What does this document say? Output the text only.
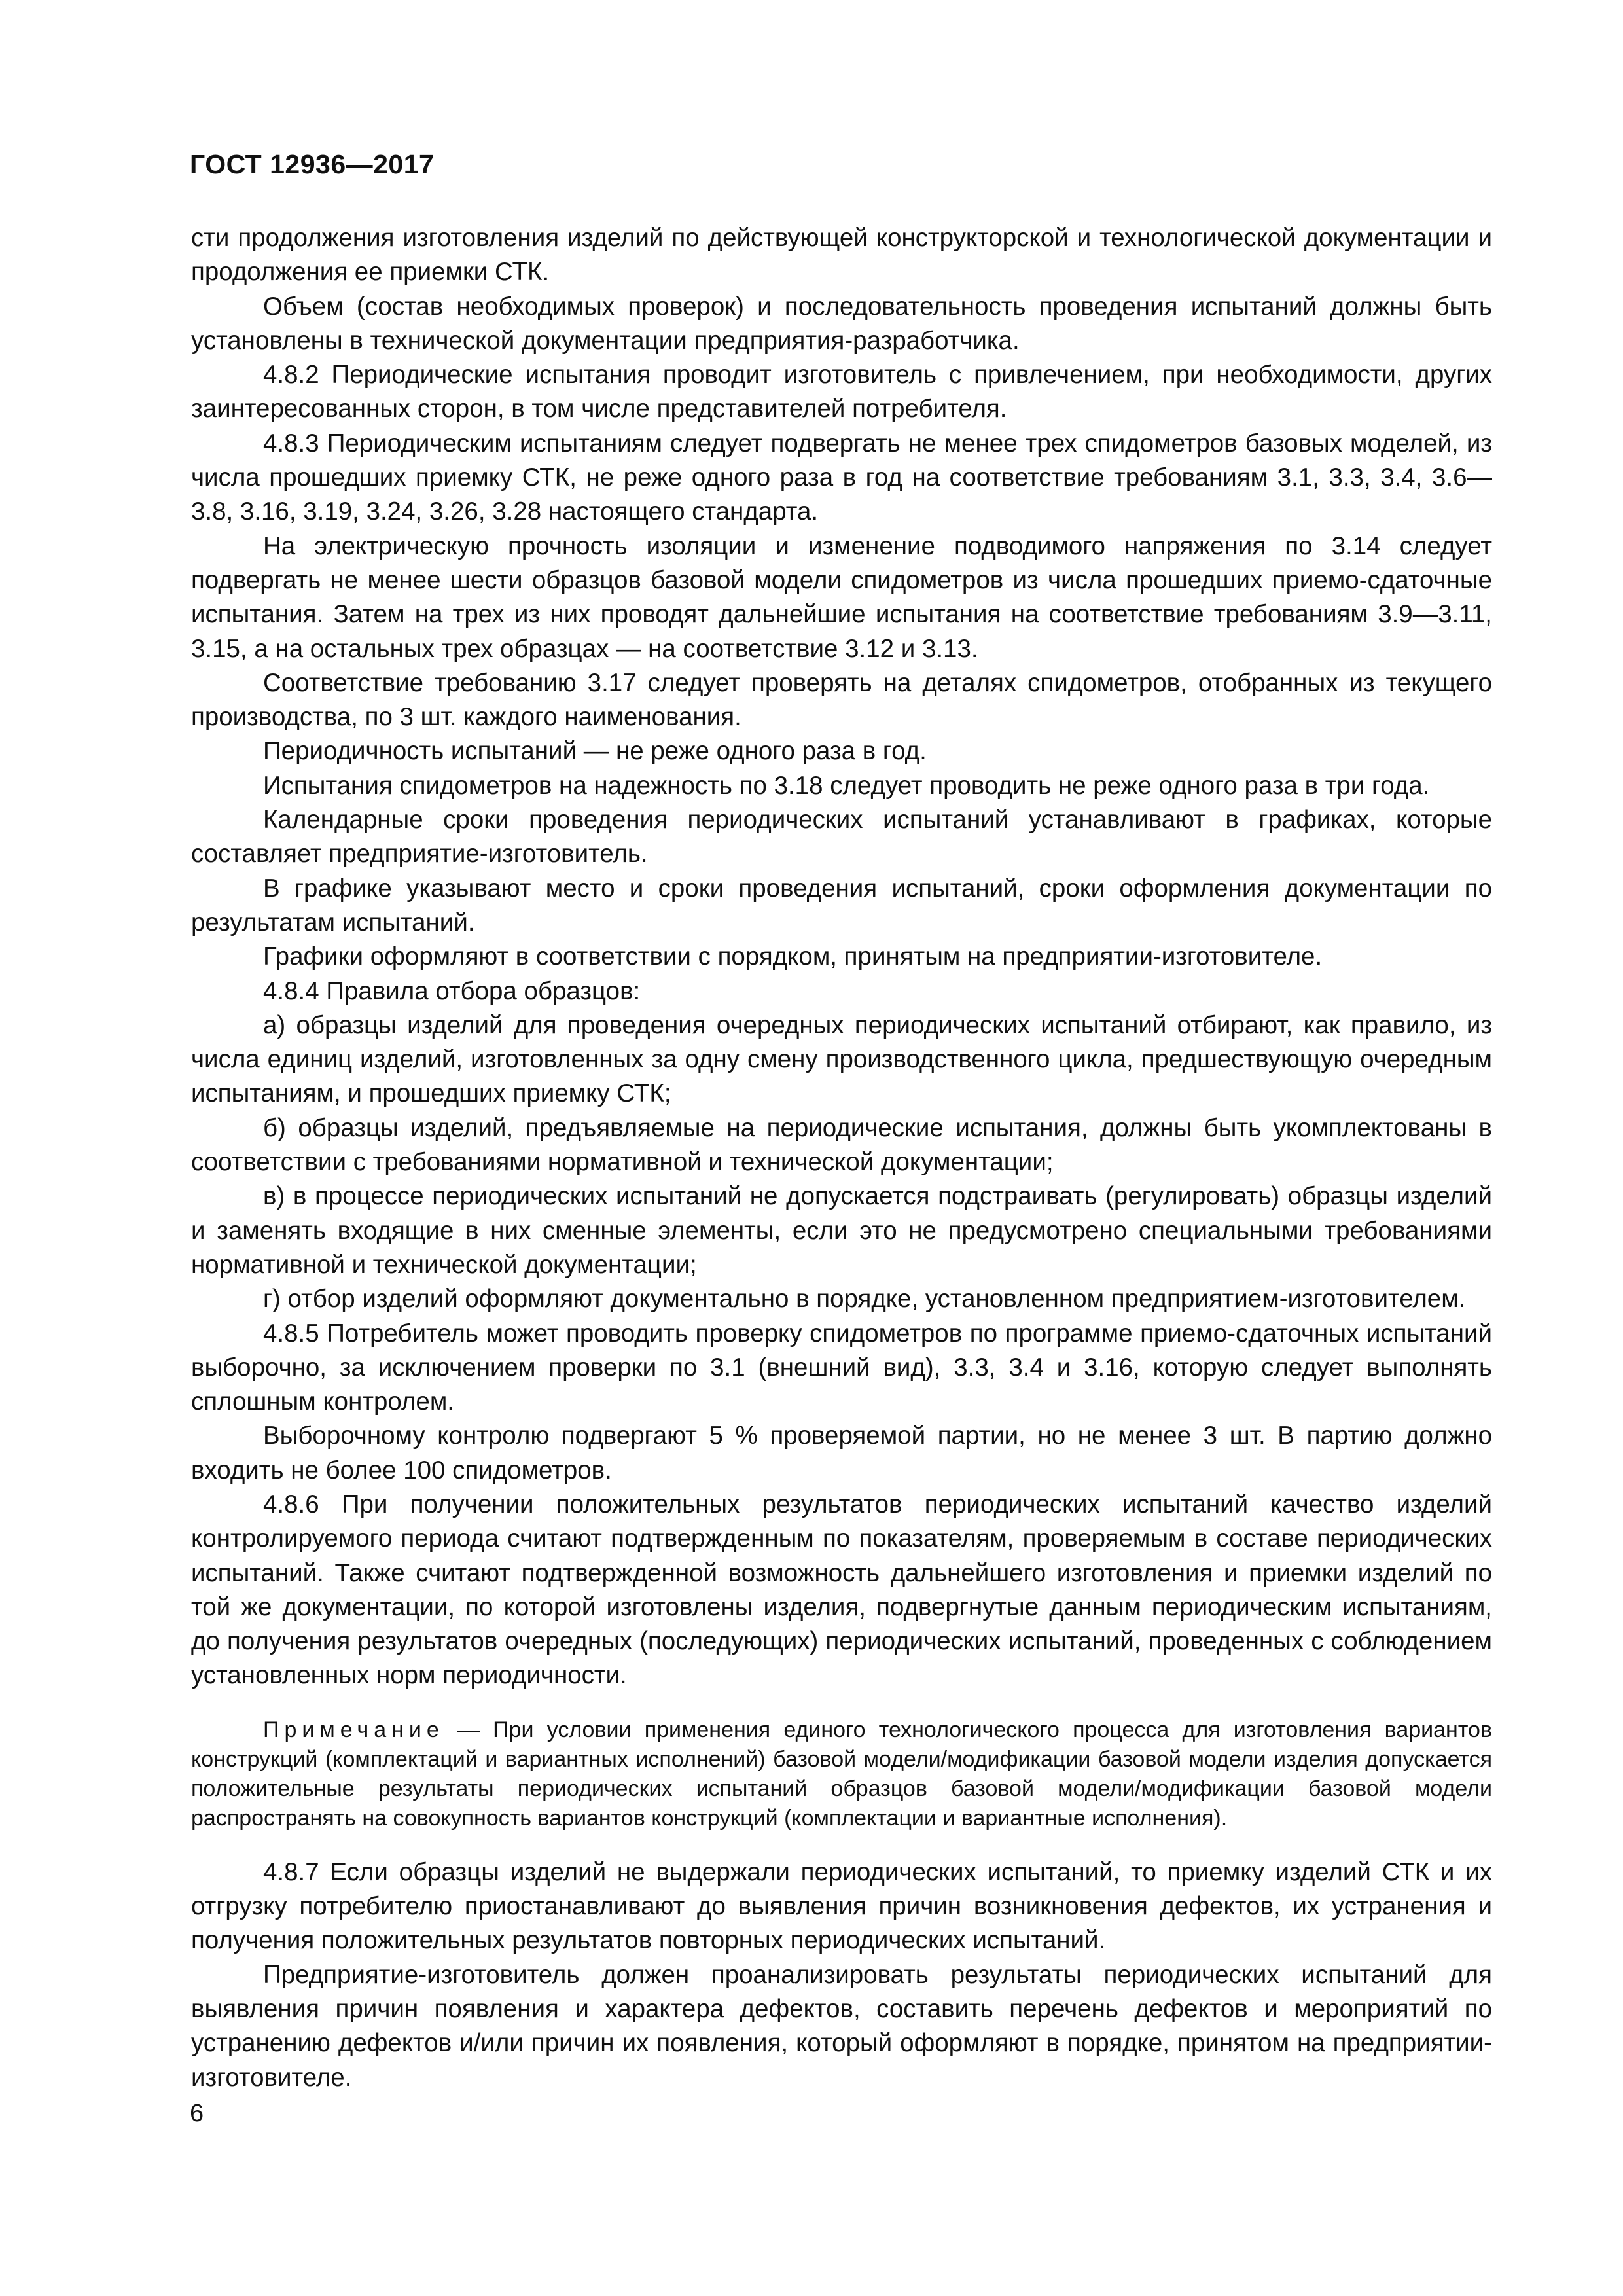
ГОСТ 12936—2017

сти продолжения изготовления изделий по действующей конструкторской и технологической документации и продолжения ее приемки СТК.

Объем (состав необходимых проверок) и последовательность проведения испытаний должны быть установлены в технической документации предприятия-разработчика.

4.8.2 Периодические испытания проводит изготовитель с привлечением, при необходимости, других заинтересованных сторон, в том числе представителей потребителя.

4.8.3 Периодическим испытаниям следует подвергать не менее трех спидометров базовых моделей, из числа прошедших приемку СТК, не реже одного раза в год на соответствие требованиям 3.1, 3.3, 3.4, 3.6—3.8, 3.16, 3.19, 3.24, 3.26, 3.28 настоящего стандарта.

На электрическую прочность изоляции и изменение подводимого напряжения по 3.14 следует подвергать не менее шести образцов базовой модели спидометров из числа прошедших приемо-сдаточные испытания. Затем на трех из них проводят дальнейшие испытания на соответствие требованиям 3.9—3.11, 3.15, а на остальных трех образцах — на соответствие 3.12 и 3.13.

Соответствие требованию 3.17 следует проверять на деталях спидометров, отобранных из текущего производства, по 3 шт. каждого наименования.

Периодичность испытаний — не реже одного раза в год.

Испытания спидометров на надежность по 3.18 следует проводить не реже одного раза в три года.

Календарные сроки проведения периодических испытаний устанавливают в графиках, которые составляет предприятие-изготовитель.

В графике указывают место и сроки проведения испытаний, сроки оформления документации по результатам испытаний.

Графики оформляют в соответствии с порядком, принятым на предприятии-изготовителе.

4.8.4 Правила отбора образцов:

а) образцы изделий для проведения очередных периодических испытаний отбирают, как правило, из числа единиц изделий, изготовленных за одну смену производственного цикла, предшествующую очередным испытаниям, и прошедших приемку СТК;

б) образцы изделий, предъявляемые на периодические испытания, должны быть укомплектованы в соответствии с требованиями нормативной и технической документации;

в) в процессе периодических испытаний не допускается подстраивать (регулировать) образцы изделий и заменять входящие в них сменные элементы, если это не предусмотрено специальными требованиями нормативной и технической документации;

г) отбор изделий оформляют документально в порядке, установленном предприятием-изготовителем.

4.8.5 Потребитель может проводить проверку спидометров по программе приемо-сдаточных испытаний выборочно, за исключением проверки по 3.1 (внешний вид), 3.3, 3.4 и 3.16, которую следует выполнять сплошным контролем.

Выборочному контролю подвергают 5 % проверяемой партии, но не менее 3 шт. В партию должно входить не более 100 спидометров.

4.8.6 При получении положительных результатов периодических испытаний качество изделий контролируемого периода считают подтвержденным по показателям, проверяемым в составе периодических испытаний. Также считают подтвержденной возможность дальнейшего изготовления и приемки изделий по той же документации, по которой изготовлены изделия, подвергнутые данным периодическим испытаниям, до получения результатов очередных (последующих) периодических испытаний, проведенных с соблюдением установленных норм периодичности.

Примечание — При условии применения единого технологического процесса для изготовления вариантов конструкций (комплектаций и вариантных исполнений) базовой модели/модификации базовой модели изделия допускается положительные результаты периодических испытаний образцов базовой модели/модификации базовой модели распространять на совокупность вариантов конструкций (комплектации и вариантные исполнения).

4.8.7 Если образцы изделий не выдержали периодических испытаний, то приемку изделий СТК и их отгрузку потребителю приостанавливают до выявления причин возникновения дефектов, их устранения и получения положительных результатов повторных периодических испытаний.

Предприятие-изготовитель должен проанализировать результаты периодических испытаний для выявления причин появления и характера дефектов, составить перечень дефектов и мероприятий по устранению дефектов и/или причин их появления, который оформляют в порядке, принятом на предприятии-изготовителе.

6
